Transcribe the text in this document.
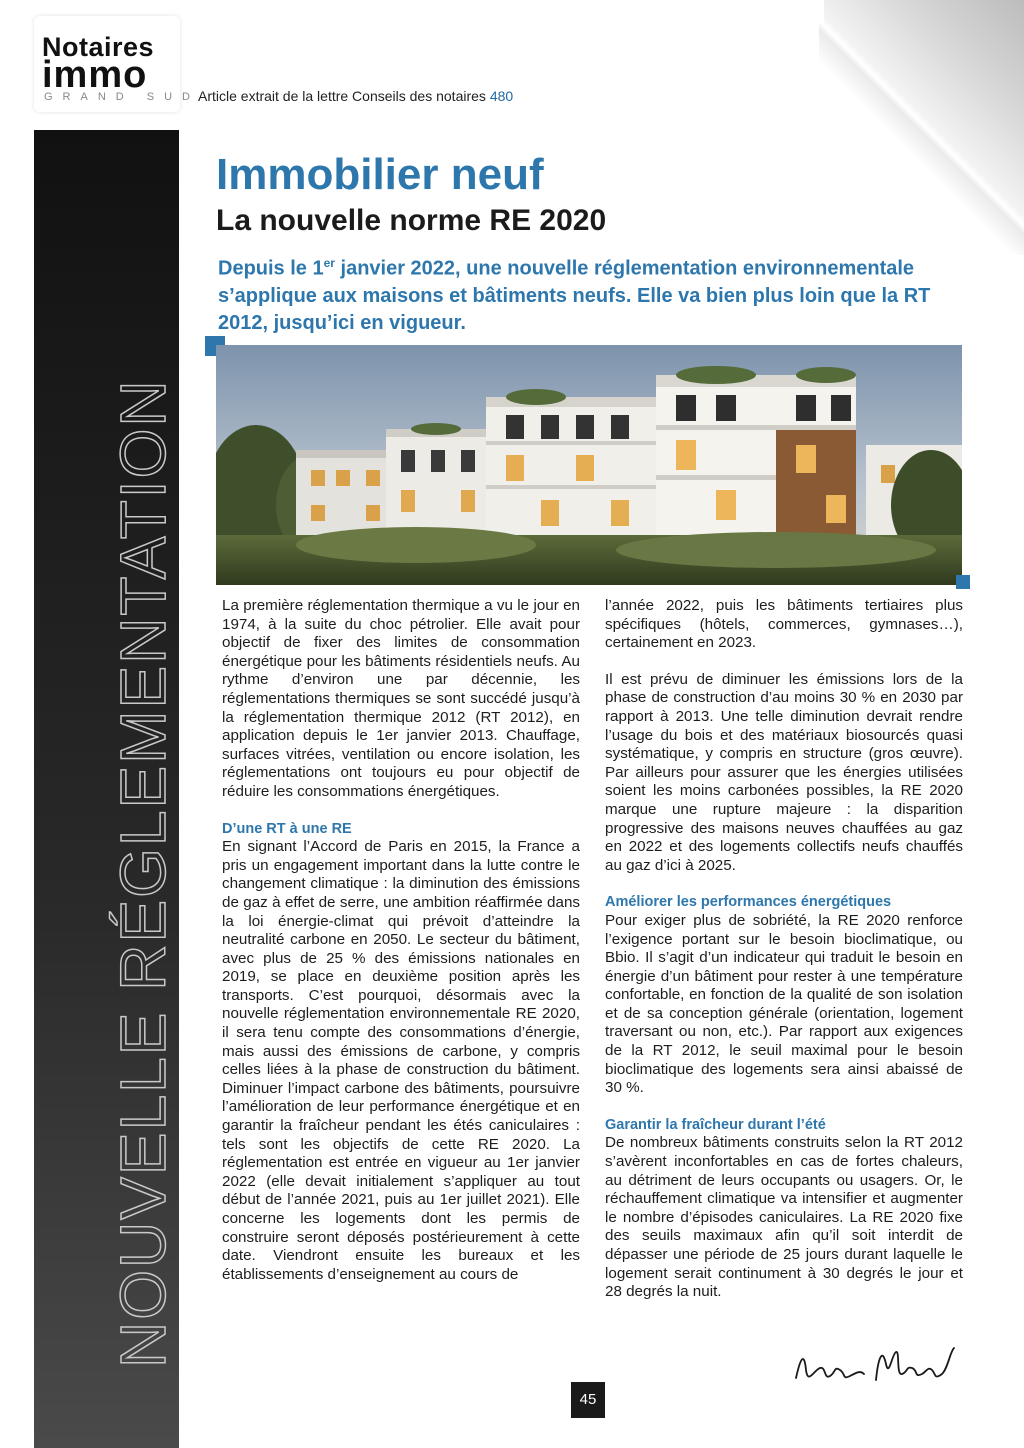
Notaires
immo
GRAND SUD
Article extrait de la lettre Conseils des notaires 480
NOUVELLE RÉGLEMENTATION
Immobilier neuf
La nouvelle norme RE 2020
Depuis le 1er janvier 2022, une nouvelle réglementation environnementale s’applique aux maisons et bâtiments neufs. Elle va bien plus loin que la RT 2012, jusqu’ici en vigueur.

La première réglementation thermique a vu le jour en 1974, à la suite du choc pétrolier. Elle avait pour objectif de fixer des limites de consommation énergétique pour les bâtiments résidentiels neufs. Au rythme d’environ une par décennie, les réglementations thermiques se sont succédé jusqu’à la réglementation thermique 2012 (RT 2012), en application depuis le 1er janvier 2013. Chauffage, surfaces vitrées, ventilation ou encore isolation, les réglementations ont toujours eu pour objectif de réduire les consommations énergétiques.

D’une RT à une RE

En signant l’Accord de Paris en 2015, la France a pris un engagement important dans la lutte contre le changement climatique : la diminution des émissions de gaz à effet de serre, une ambition réaffirmée dans la loi énergie-climat qui prévoit d’atteindre la neutralité carbone en 2050. Le secteur du bâtiment, avec plus de 25 % des émissions nationales en 2019, se place en deuxième position après les transports. C’est pourquoi, désormais avec la nouvelle réglementation environnementale RE 2020, il sera tenu compte des consommations d’énergie, mais aussi des émissions de carbone, y compris celles liées à la phase de construction du bâtiment. Diminuer l’impact carbone des bâtiments, poursuivre l’amélioration de leur performance énergétique et en garantir la fraîcheur pendant les étés caniculaires : tels sont les objectifs de cette RE 2020. La réglementation est entrée en vigueur au 1er janvier 2022 (elle devait initialement s’appliquer au tout début de l’année 2021, puis au 1er juillet 2021). Elle concerne les logements dont les permis de construire seront déposés postérieurement à cette date. Viendront ensuite les bureaux et les établissements d’enseignement au cours de

l’année 2022, puis les bâtiments tertiaires plus spécifiques (hôtels, commerces, gymnases…), certainement en 2023.

Il est prévu de diminuer les émissions lors de la phase de construction d’au moins 30 % en 2030 par rapport à 2013. Une telle diminution devrait rendre l’usage du bois et des matériaux biosourcés quasi systématique, y compris en structure (gros œuvre). Par ailleurs pour assurer que les énergies utilisées soient les moins carbonées possibles, la RE 2020 marque une rupture majeure : la disparition progressive des maisons neuves chauffées au gaz en 2022 et des logements collectifs neufs chauffés au gaz d’ici à 2025.

Améliorer les performances énergétiques

Pour exiger plus de sobriété, la RE 2020 renforce l’exigence portant sur le besoin bioclimatique, ou Bbio. Il s’agit d’un indicateur qui traduit le besoin en énergie d’un bâtiment pour rester à une température confortable, en fonction de la qualité de son isolation et de sa conception générale (orientation, logement traversant ou non, etc.). Par rapport aux exigences de la RT 2012, le seuil maximal pour le besoin bioclimatique des logements sera ainsi abaissé de 30 %.

Garantir la fraîcheur durant l’été

De nombreux bâtiments construits selon la RT 2012 s’avèrent inconfortables en cas de fortes chaleurs, au détriment de leurs occupants ou usagers. Or, le réchauffement climatique va intensifier et augmenter le nombre d’épisodes caniculaires. La RE 2020 fixe des seuils maximaux afin qu’il soit interdit de dépasser une période de 25 jours durant laquelle le logement serait continument à 30 degrés le jour et 28 degrés la nuit.

45
